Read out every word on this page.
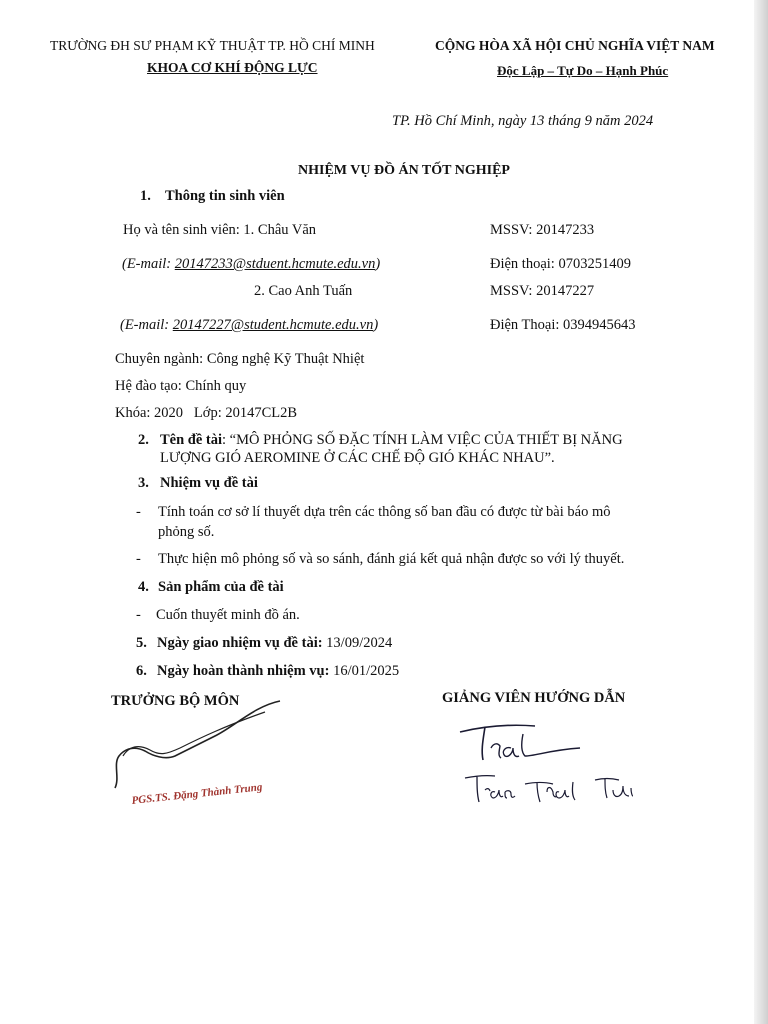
TRƯỜNG ĐH SƯ PHẠM KỸ THUẬT TP. HỒ CHÍ MINH
KHOA CƠ KHÍ ĐỘNG LỰC
CỘNG HÒA XÃ HỘI CHỦ NGHĨA VIỆT NAM
Độc Lập – Tự Do – Hạnh Phúc
TP. Hồ Chí Minh, ngày 13 tháng 9 năm 2024
NHIỆM VỤ ĐỒ ÁN TỐT NGHIỆP
1. Thông tin sinh viên
Họ và tên sinh viên: 1. Châu Văn	MSSV: 20147233
(E-mail: 20147233@stduent.hcmute.edu.vn)	Điện thoại: 0703251409
2. Cao Anh Tuấn	MSSV: 20147227
(E-mail: 20147227@student.hcmute.edu.vn)	Điện Thoại: 0394945643
Chuyên ngành: Công nghệ Kỹ Thuật Nhiệt
Hệ đào tạo: Chính quy
Khóa: 2020   Lớp: 20147CL2B
2. Tên đề tài: “MÔ PHỎNG SỐ ĐẶC TÍNH LÀM VIỆC CỦA THIẾT BỊ NĂNG
LƯỢNG GIÓ AEROMINE Ở CÁC CHẾ ĐỘ GIÓ KHÁC NHAU”.
3. Nhiệm vụ đề tài
- Tính toán cơ sở lí thuyết dựa trên các thông số ban đầu có được từ bài báo mô
phỏng số.
- Thực hiện mô phỏng số và so sánh, đánh giá kết quả nhận được so với lý thuyết.
4. Sản phẩm của đề tài
- Cuốn thuyết minh đồ án.
5. Ngày giao nhiệm vụ đề tài: 13/09/2024
6. Ngày hoàn thành nhiệm vụ: 16/01/2025
TRƯỞNG BỘ MÔN	GIẢNG VIÊN HƯỚNG DẪN
PGS.TS. Đặng Thành Trung
